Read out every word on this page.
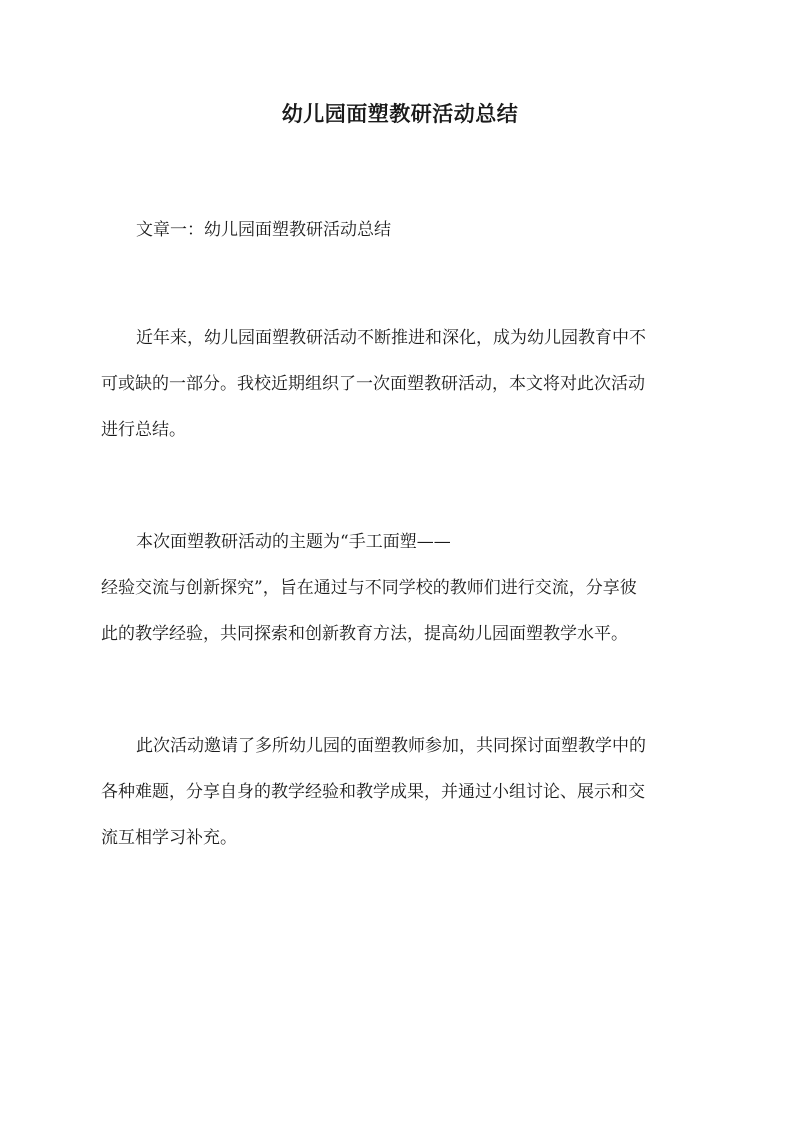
幼儿园面塑教研活动总结

文章一：幼儿园面塑教研活动总结

近年来，幼儿园面塑教研活动不断推进和深化，成为幼儿园教育中不
可或缺的一部分。我校近期组织了一次面塑教研活动，本文将对此次活动
进行总结。

本次面塑教研活动的主题为“手工面塑——
经验交流与创新探究”，旨在通过与不同学校的教师们进行交流，分享彼
此的教学经验，共同探索和创新教育方法，提高幼儿园面塑教学水平。

此次活动邀请了多所幼儿园的面塑教师参加，共同探讨面塑教学中的
各种难题，分享自身的教学经验和教学成果，并通过小组讨论、展示和交
流互相学习补充。
